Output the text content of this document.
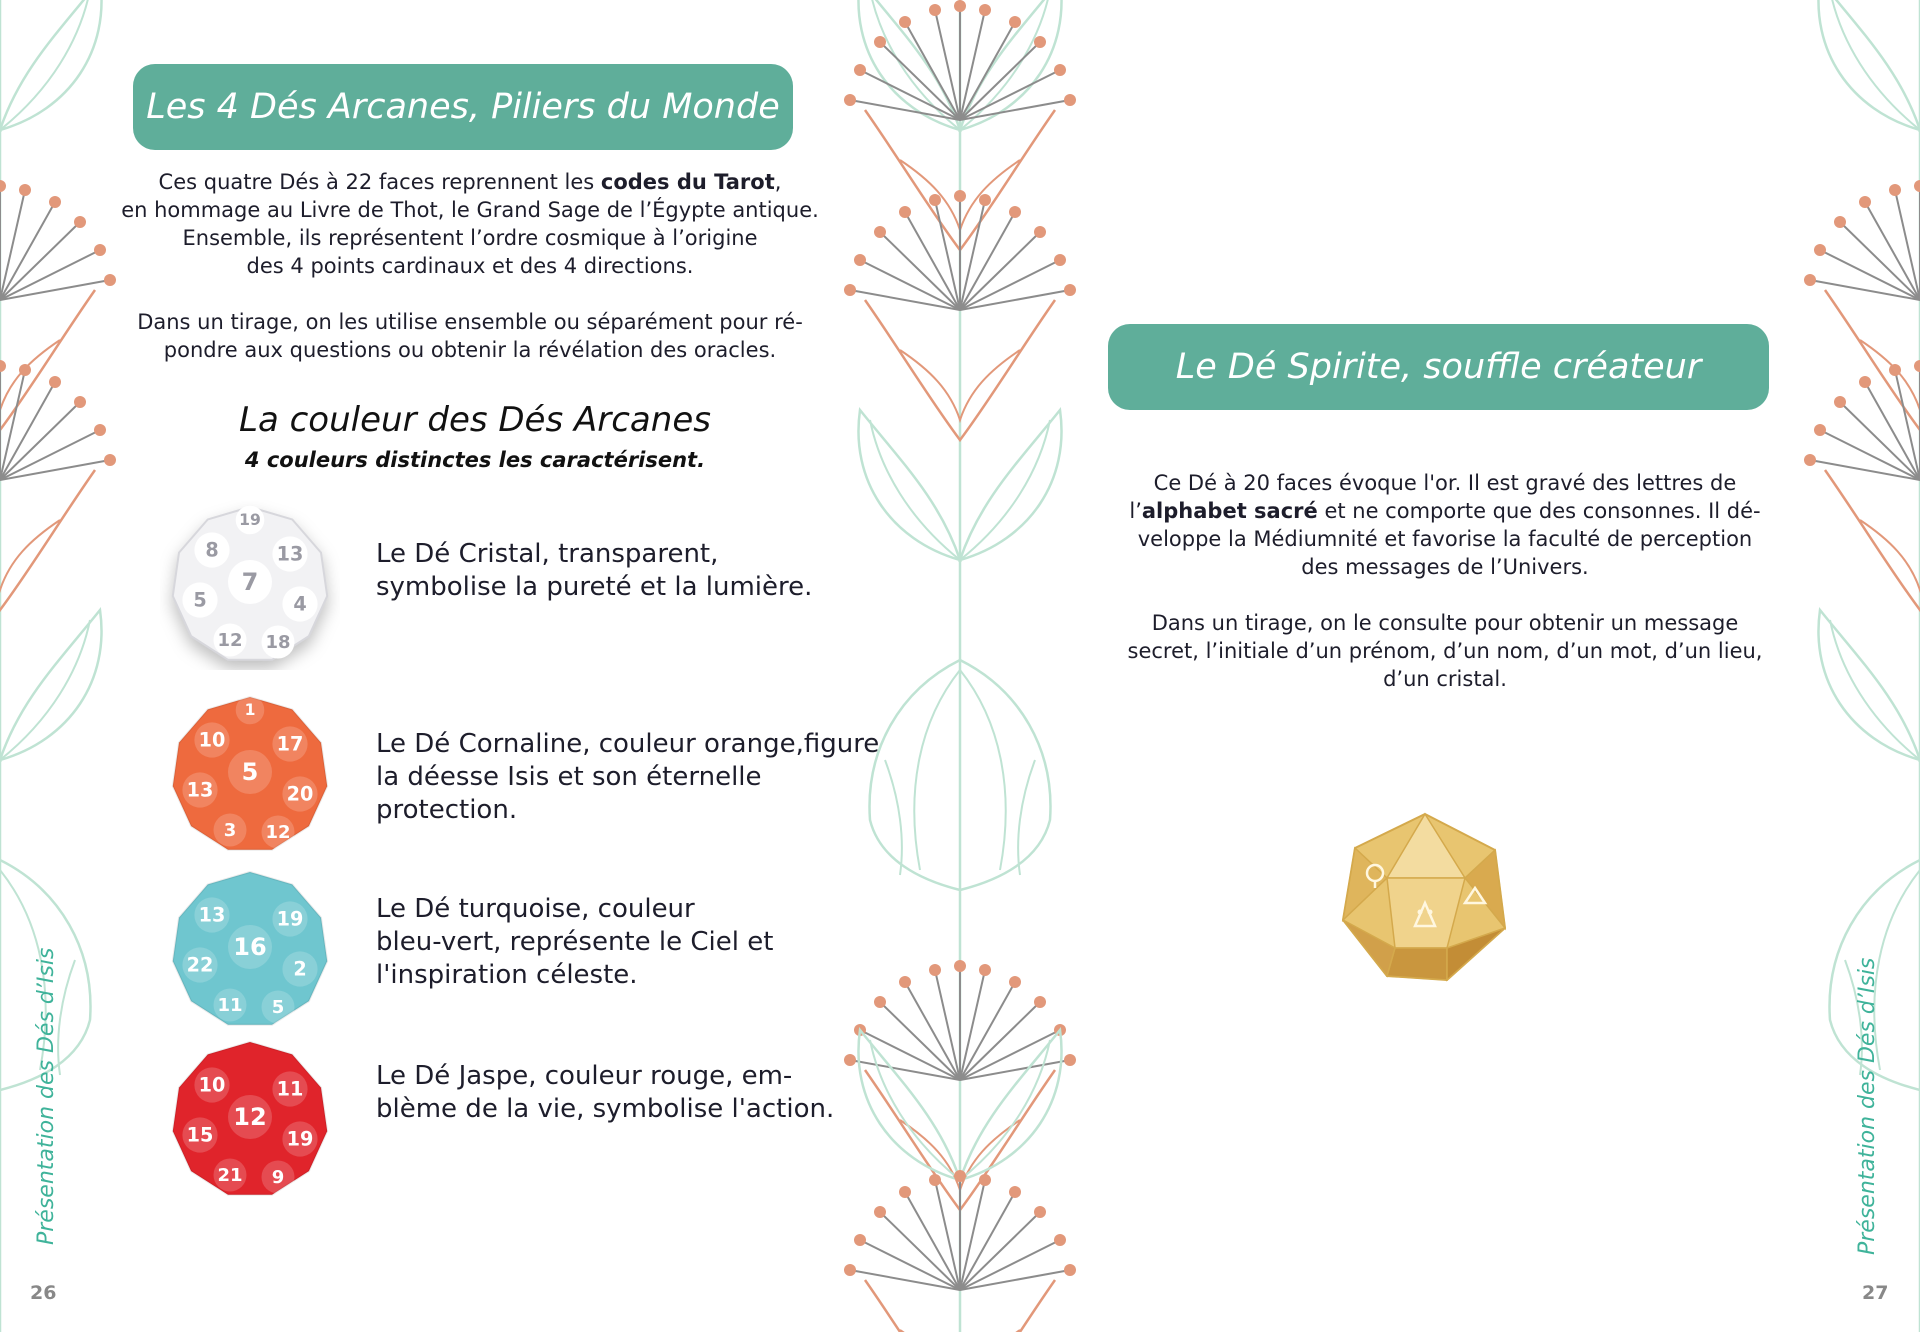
Les 4 Dés Arcanes, Piliers du Monde
Ces quatre Dés à 22 faces reprennent les codes du Tarot,
en hommage au Livre de Thot, le Grand Sage de l’Égypte antique.
Ensemble, ils représentent l’ordre cosmique à l’origine
des 4 points cardinaux et des 4 directions.
Dans un tirage, on les utilise ensemble ou séparément pour ré-
pondre aux questions ou obtenir la révélation des oracles.
La couleur des Dés Arcanes
4 couleurs distinctes les caractérisent.
7
8	13
5	4
12 18
19
Le Dé Cristal, transparent,
symbolise la pureté et la lumière.
5
10	17
13	20
3 12
1
Le Dé Cornaline, couleur orange,figure
la déesse Isis et son éternelle protection.
16
13	19
22	2
11 5
Le Dé turquoise, couleur
bleu-vert, représente le Ciel et
l'inspiration céleste.
12
10	11
15	19
21 9
Le Dé Jaspe, couleur rouge, em-
blème de la vie, symbolise l'action.
Présentation des Dés d’Isis
26
Le Dé Spirite, souffle créateur
Ce Dé à 20 faces évoque l'or. Il est gravé des lettres de
l’alphabet sacré et ne comporte que des consonnes. Il dé-
veloppe la Médiumnité et favorise la faculté de perception
des messages de l’Univers.
Dans un tirage, on le consulte pour obtenir un message
secret, l’initiale d’un prénom, d’un nom, d’un mot, d’un lieu,
d’un cristal.
Présentation des Dés d’Isis
27
